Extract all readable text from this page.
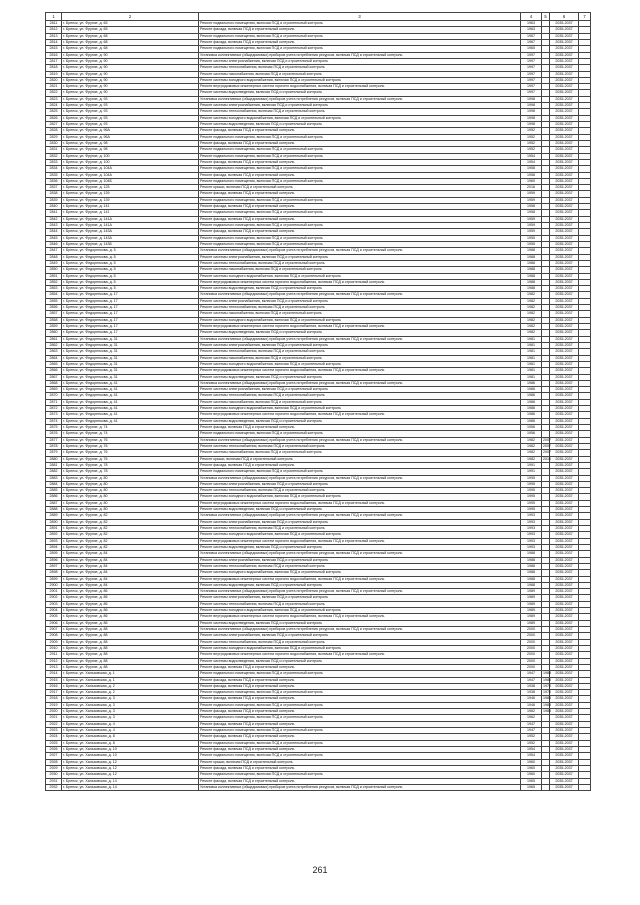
1	2	3	4	5	6	7
2811	г. Бренск, ул. Фрунзе, д. 65	Ремонт подвального помещения, включая ПСД и строительный контроль	1963		2035-2037	
2812	г. Бренск, ул. Фрунзе, д. 65	Ремонт фасада, включая ПСД и строительный контроль	1963		2035-2037	
2813	г. Бренск, ул. Фрунзе, д. 68	Ремонт подвального помещения, включая ПСД и строительный контроль	1967		2035-2037	
2814	г. Бренск, ул. Фрунзе, д. 68	Ремонт фасада, включая ПСД и строительный контроль	1967		2035-2037	
2815	г. Бренск, ул. Фрунзе, д. 68	Ремонт подвального помещения, включая ПСД и строительный контроль	1965		2035-2037	
2816	г. Бренск, ул. Фрунзе, д. 90	Установка коллективных (общедомовых) приборов учета потребления ресурсов, включая ПСД и строительный контроль	1997		2035-2037	
2817	г. Бренск, ул. Фрунзе, д. 90	Ремонт системы электроснабжения, включая ПСД и строительный контроль	1997		2035-2037	
2818	г. Бренск, ул. Фрунзе, д. 90	Ремонт системы теплоснабжения, включая ПСД и строительный контроль	1997		2035-2037	
2819	г. Бренск, ул. Фрунзе, д. 90	Ремонт системы газоснабжения, включая ПСД и строительный контроль	1997		2035-2037	
2820	г. Бренск, ул. Фрунзе, д. 90	Ремонт системы холодного водоснабжения, включая ПСД и строительный контроль	1997		2035-2037	
2821	г. Бренск, ул. Фрунзе, д. 90	Ремонт внутридомовых инженерных систем горячего водоснабжения, включая ПСД и строительный контроль	1997		2035-2037	
2822	г. Бренск, ул. Фрунзе, д. 90	Ремонт системы водоотведения, включая ПСД и строительный контроль	1997		2035-2037	
2823	г. Бренск, ул. Фрунзе, д. 93	Установка коллективных (общедомовых) приборов учета потребления ресурсов, включая ПСД и строительный контроль	1998		2035-2037	
2824	г. Бренск, ул. Фрунзе, д. 93	Ремонт системы электроснабжения, включая ПСД и строительный контроль	1998		2035-2037	
2825	г. Бренск, ул. Фрунзе, д. 93	Ремонт системы теплоснабжения, включая ПСД и строительный контроль	1998		2035-2037	
2826	г. Бренск, ул. Фрунзе, д. 93	Ремонт системы холодного водоснабжения, включая ПСД и строительный контроль	1998		2035-2037	
2827	г. Бренск, ул. Фрунзе, д. 93	Ремонт системы водоотведения, включая ПСД и строительный контроль	1998		2035-2037	
2828	г. Бренск, ул. Фрунзе, д. 96А	Ремонт фасада, включая ПСД и строительный контроль	1952		2035-2037	
2829	г. Бренск, ул. Фрунзе, д. 96А	Ремонт подвального помещения, включая ПСД и строительный контроль	1952		2035-2037	
2830	г. Бренск, ул. Фрунзе, д. 98	Ремонт фасада, включая ПСД и строительный контроль	1952		2035-2037	
2831	г. Бренск, ул. Фрунзе, д. 98	Ремонт подвального помещения, включая ПСД и строительный контроль	1952		2035-2037	
2832	г. Бренск, ул. Фрунзе, д. 100	Ремонт подвального помещения, включая ПСД и строительный контроль	1954		2035-2037	
2833	г. Бренск, ул. Фрунзе, д. 100	Ремонт фасада, включая ПСД и строительный контроль	1954		2035-2037	
2834	г. Бренск, ул. Фрунзе, д. 104А	Ремонт подвального помещения, включая ПСД и строительный контроль	1958		2035-2037	
2835	г. Бренск, ул. Фрунзе, д. 104А	Ремонт фасада, включая ПСД и строительный контроль	1958		2035-2037	
2836	г. Бренск, ул. Фрунзе, д. 104Б	Ремонт подвального помещения, включая ПСД и строительный контроль	1960		2035-2037	
2837	г. Бренск, ул. Фрунзе, д. 125	Ремонт крыши, включая ПСД и строительный контроль	2016		2035-2037	
2838	г. Бренск, ул. Фрунзе, д. 139	Ремонт фасада, включая ПСД и строительный контроль	1959		2035-2037	
2839	г. Бренск, ул. Фрунзе, д. 139	Ремонт подвального помещения, включая ПСД и строительный контроль	1959		2035-2037	
2840	г. Бренск, ул. Фрунзе, д. 141	Ремонт фасада, включая ПСД и строительный контроль	1958		2035-2037	
2841	г. Бренск, ул. Фрунзе, д. 141	Ремонт подвального помещения, включая ПСД и строительный контроль	1958		2035-2037	
2842	г. Бренск, ул. Фрунзе, д. 141А	Ремонт фасада, включая ПСД и строительный контроль	1959		2035-2037	
2843	г. Бренск, ул. Фрунзе, д. 141А	Ремонт подвального помещения, включая ПСД и строительный контроль	1959		2035-2037	
2844	г. Бренск, ул. Фрунзе, д. 143А	Ремонт фасада, включая ПСД и строительный контроль	1959		2035-2037	
2845	г. Бренск, ул. Фрунзе, д. 143А	Ремонт подвального помещения, включая ПСД и строительный контроль	1955		2035-2037	
2846	г. Бренск, ул. Фрунзе, д. 143Б	Ремонт подвального помещения, включая ПСД и строительный контроль	1955		2035-2037	
2847	г. Бренск, ул. Федоренкова, д. 5	Установка коллективных (общедомовых) приборов учета потребления ресурсов, включая ПСД и строительный контроль	1988		2035-2037	
2848	г. Бренск, ул. Федоренкова, д. 5	Ремонт системы электроснабжения, включая ПСД и строительный контроль	1988		2035-2037	
2849	г. Бренск, ул. Федоренкова, д. 5	Ремонт системы теплоснабжения, включая ПСД и строительный контроль	1988		2035-2037	
2850	г. Бренск, ул. Федоренкова, д. 5	Ремонт системы газоснабжения, включая ПСД и строительный контроль	1988		2035-2037	
2851	г. Бренск, ул. Федоренкова, д. 5	Ремонт системы холодного водоснабжения, включая ПСД и строительный контроль	1988		2035-2037	
2852	г. Бренск, ул. Федоренкова, д. 5	Ремонт внутридомовых инженерных систем горячего водоснабжения, включая ПСД и строительный контроль	1988		2035-2037	
2853	г. Бренск, ул. Федоренкова, д. 5	Ремонт системы водоотведения, включая ПСД и строительный контроль	1988		2035-2037	
2854	г. Бренск, ул. Федоренкова, д. 17	Установка коллективных (общедомовых) приборов учета потребления ресурсов, включая ПСД и строительный контроль	1982		2035-2037	
2855	г. Бренск, ул. Федоренкова, д. 17	Ремонт системы электроснабжения, включая ПСД и строительный контроль	1982		2035-2037	
2856	г. Бренск, ул. Федоренкова, д. 17	Ремонт системы теплоснабжения, включая ПСД и строительный контроль	1982		2035-2037	
2857	г. Бренск, ул. Федоренкова, д. 17	Ремонт системы газоснабжения, включая ПСД и строительный контроль	1982		2035-2037	
2858	г. Бренск, ул. Федоренкова, д. 17	Ремонт системы холодного водоснабжения, включая ПСД и строительный контроль	1982		2035-2037	
2859	г. Бренск, ул. Федоренкова, д. 17	Ремонт внутридомовых инженерных систем горячего водоснабжения, включая ПСД и строительный контроль	1982		2035-2037	
2860	г. Бренск, ул. Федоренкова, д. 17	Ремонт системы водоотведения, включая ПСД и строительный контроль	1982		2035-2037	
2861	г. Бренск, ул. Федоренкова, д. 31	Установка коллективных (общедомовых) приборов учета потребления ресурсов, включая ПСД и строительный контроль	1981		2035-2037	
2862	г. Бренск, ул. Федоренкова, д. 31	Ремонт системы электроснабжения, включая ПСД и строительный контроль	1981		2035-2037	
2863	г. Бренск, ул. Федоренкова, д. 31	Ремонт системы теплоснабжения, включая ПСД и строительный контроль	1981		2035-2037	
2864	г. Бренск, ул. Федоренкова, д. 31	Ремонт системы газоснабжения, включая ПСД и строительный контроль	1981		2035-2037	
2865	г. Бренск, ул. Федоренкова, д. 31	Ремонт системы холодного водоснабжения, включая ПСД и строительный контроль	1981		2035-2037	
2866	г. Бренск, ул. Федоренкова, д. 31	Ремонт внутридомовых инженерных систем горячего водоснабжения, включая ПСД и строительный контроль	1981		2035-2037	
2867	г. Бренск, ул. Федоренкова, д. 31	Ремонт системы водоотведения, включая ПСД и строительный контроль	1981		2035-2037	
2868	г. Бренск, ул. Федоренкова, д. 41	Установка коллективных (общедомовых) приборов учета потребления ресурсов, включая ПСД и строительный контроль	1986		2035-2037	
2869	г. Бренск, ул. Федоренкова, д. 41	Ремонт системы электроснабжения, включая ПСД и строительный контроль	1986		2035-2037	
2870	г. Бренск, ул. Федоренкова, д. 41	Ремонт системы теплоснабжения, включая ПСД и строительный контроль	1986		2035-2037	
2871	г. Бренск, ул. Федоренкова, д. 41	Ремонт системы газоснабжения, включая ПСД и строительный контроль	1986		2035-2037	
2872	г. Бренск, ул. Федоренкова, д. 41	Ремонт системы холодного водоснабжения, включая ПСД и строительный контроль	1986		2035-2037	
2873	г. Бренск, ул. Федоренкова, д. 41	Ремонт внутридомовых инженерных систем горячего водоснабжения, включая ПСД и строительный контроль	1986		2035-2037	
2874	г. Бренск, ул. Федоренкова, д. 41	Ремонт системы водоотведения, включая ПСД и строительный контроль	1986		2035-2037	
2875	г. Бренск, ул. Фрунзе, д. 74	Ремонт фасада, включая ПСД и строительный контроль	1956		2035-2037	
2876	г. Бренск, ул. Фрунзе, д. 74	Ремонт подвального помещения, включая ПСД и строительный контроль	1956		2035-2037	
2877	г. Бренск, ул. Фрунзе, д. 76	Установка коллективных (общедомовых) приборов учета потребления ресурсов, включая ПСД и строительный контроль	1982	2007	2035-2037	
2878	г. Бренск, ул. Фрунзе, д. 76	Ремонт системы теплоснабжения, включая ПСД и строительный контроль	1982	2007	2035-2037	
2879	г. Бренск, ул. Фрунзе, д. 76	Ремонт системы газоснабжения, включая ПСД и строительный контроль	1982	2007	2035-2037	
2880	г. Бренск, ул. Фрунзе, д. 76	Ремонт крыши, включая ПСД и строительный контроль	1982	2010	2035-2037	
2881	г. Бренск, ул. Фрунзе, д. 78	Ремонт фасада, включая ПСД и строительный контроль	1991		2035-2037	
2882	г. Бренск, ул. Фрунзе, д. 78	Ремонт подвального помещения, включая ПСД и строительный контроль	1991		2035-2037	
2883	г. Бренск, ул. Фрунзе, д. 80	Установка коллективных (общедомовых) приборов учета потребления ресурсов, включая ПСД и строительный контроль	1995		2035-2037	
2884	г. Бренск, ул. Фрунзе, д. 80	Ремонт системы электроснабжения, включая ПСД и строительный контроль	1995		2035-2037	
2885	г. Бренск, ул. Фрунзе, д. 80	Ремонт системы теплоснабжения, включая ПСД и строительный контроль	1995		2035-2037	
2886	г. Бренск, ул. Фрунзе, д. 80	Ремонт системы холодного водоснабжения, включая ПСД и строительный контроль	1995		2035-2037	
2887	г. Бренск, ул. Фрунзе, д. 80	Ремонт внутридомовых инженерных систем горячего водоснабжения, включая ПСД и строительный контроль	1995		2035-2037	
2888	г. Бренск, ул. Фрунзе, д. 80	Ремонт системы водоотведения, включая ПСД и строительный контроль	1995		2035-2037	
2889	г. Бренск, ул. Фрунзе, д. 82	Установка коллективных (общедомовых) приборов учета потребления ресурсов, включая ПСД и строительный контроль	1993		2035-2037	
2890	г. Бренск, ул. Фрунзе, д. 82	Ремонт системы электроснабжения, включая ПСД и строительный контроль	1993		2035-2037	
2891	г. Бренск, ул. Фрунзе, д. 82	Ремонт системы теплоснабжения, включая ПСД и строительный контроль	1993		2035-2037	
2892	г. Бренск, ул. Фрунзе, д. 82	Ремонт системы холодного водоснабжения, включая ПСД и строительный контроль	1993		2035-2037	
2893	г. Бренск, ул. Фрунзе, д. 82	Ремонт внутридомовых инженерных систем горячего водоснабжения, включая ПСД и строительный контроль	1993		2035-2037	
2894	г. Бренск, ул. Фрунзе, д. 82	Ремонт системы водоотведения, включая ПСД и строительный контроль	1993		2035-2037	
2895	г. Бренск, ул. Фрунзе, д. 84	Установка коллективных (общедомовых) приборов учета потребления ресурсов, включая ПСД и строительный контроль	1988		2035-2037	
2896	г. Бренск, ул. Фрунзе, д. 84	Ремонт системы электроснабжения, включая ПСД и строительный контроль	1988		2035-2037	
2897	г. Бренск, ул. Фрунзе, д. 84	Ремонт системы теплоснабжения, включая ПСД и строительный контроль	1988		2035-2037	
2898	г. Бренск, ул. Фрунзе, д. 84	Ремонт системы холодного водоснабжения, включая ПСД и строительный контроль	1988		2035-2037	
2899	г. Бренск, ул. Фрунзе, д. 84	Ремонт внутридомовых инженерных систем горячего водоснабжения, включая ПСД и строительный контроль	1988		2035-2037	
2900	г. Бренск, ул. Фрунзе, д. 84	Ремонт системы водоотведения, включая ПСД и строительный контроль	1988		2035-2037	
2901	г. Бренск, ул. Фрунзе, д. 86	Установка коллективных (общедомовых) приборов учета потребления ресурсов, включая ПСД и строительный контроль	1989		2035-2037	
2902	г. Бренск, ул. Фрунзе, д. 86	Ремонт системы электроснабжения, включая ПСД и строительный контроль	1989		2035-2037	
2903	г. Бренск, ул. Фрунзе, д. 86	Ремонт системы теплоснабжения, включая ПСД и строительный контроль	1989		2035-2037	
2904	г. Бренск, ул. Фрунзе, д. 86	Ремонт системы холодного водоснабжения, включая ПСД и строительный контроль	1989		2035-2037	
2905	г. Бренск, ул. Фрунзе, д. 86	Ремонт внутридомовых инженерных систем горячего водоснабжения, включая ПСД и строительный контроль	1989		2035-2037	
2906	г. Бренск, ул. Фрунзе, д. 86	Ремонт системы водоотведения, включая ПСД и строительный контроль	1989		2035-2037	
2907	г. Бренск, ул. Фрунзе, д. 88	Установка коллективных (общедомовых) приборов учета потребления ресурсов, включая ПСД и строительный контроль	2000		2035-2037	
2908	г. Бренск, ул. Фрунзе, д. 88	Ремонт системы электроснабжения, включая ПСД и строительный контроль	2000		2035-2037	
2909	г. Бренск, ул. Фрунзе, д. 88	Ремонт системы теплоснабжения, включая ПСД и строительный контроль	2000		2035-2037	
2910	г. Бренск, ул. Фрунзе, д. 88	Ремонт системы холодного водоснабжения, включая ПСД и строительный контроль	2000		2035-2037	
2911	г. Бренск, ул. Фрунзе, д. 88	Ремонт внутридомовых инженерных систем горячего водоснабжения, включая ПСД и строительный контроль	2000		2035-2037	
2912	г. Бренск, ул. Фрунзе, д. 88	Ремонт системы водоотведения, включая ПСД и строительный контроль	2000		2035-2037	
2913	г. Бренск, ул. Фрунзе, д. 88	Ремонт фасада, включая ПСД и строительный контроль	2000		2035-2037	
2914	г. Бренск, ул. Хальзовская, д. 1	Ремонт подвального помещения, включая ПСД и строительный контроль	1947	1988	2035-2037	
2915	г. Бренск, ул. Хальзовская, д. 1	Ремонт фасада, включая ПСД и строительный контроль	1947	1988	2035-2037	
2916	г. Бренск, ул. Хальзовская, д. 2	Ремонт фасада, включая ПСД и строительный контроль	1938	1970	2035-2037	
2917	г. Бренск, ул. Хальзовская, д. 2	Ремонт подвального помещения, включая ПСД и строительный контроль	1938	1970	2035-2037	
2918	г. Бренск, ул. Хальзовская, д. 3	Ремонт фасада, включая ПСД и строительный контроль	1946	1983	2035-2037	
2919	г. Бренск, ул. Хальзовская, д. 3	Ремонт подвального помещения, включая ПСД и строительный контроль	1946	1983	2035-2037	
2920	г. Бренск, ул. Хальзовская, д. 3	Ремонт фасада, включая ПСД и строительный контроль	1962	1983	2035-2037	
2921	г. Бренск, ул. Хальзовская, д. 3	Ремонт подвального помещения, включая ПСД и строительный контроль	1962		2035-2037	
2922	г. Бренск, ул. Хальзовская, д. 4	Ремонт фасада, включая ПСД и строительный контроль	1947		2035-2037	
2923	г. Бренск, ул. Хальзовская, д. 4	Ремонт подвального помещения, включая ПСД и строительный контроль	1947		2035-2037	
2924	г. Бренск, ул. Хальзовская, д. 8	Ремонт фасада, включая ПСД и строительный контроль	1952		2035-2037	
2925	г. Бренск, ул. Хальзовская, д. 8	Ремонт подвального помещения, включая ПСД и строительный контроль	1952		2035-2037	
2926	г. Бренск, ул. Хальзовская, д. 10	Ремонт фасада, включая ПСД и строительный контроль	1954		2035-2037	
2927	г. Бренск, ул. Хальзовская, д. 10	Ремонт подвального помещения, включая ПСД и строительный контроль	1954		2035-2037	
2928	г. Бренск, ул. Хальзовская, д. 12	Ремонт крыши, включая ПСД и строительный контроль	1960		2035-2037	
2929	г. Бренск, ул. Хальзовская, д. 12	Ремонт фасада, включая ПСД и строительный контроль	1960		2035-2037	
2930	г. Бренск, ул. Хальзовская, д. 12	Ремонт подвального помещения, включая ПСД и строительный контроль	1960		2035-2037	
2931	г. Бренск, ул. Хальзовская, д. 14	Ремонт фасада, включая ПСД и строительный контроль	1965		2035-2037	
2932	г. Бренск, ул. Хальзовская, д. 14	Установка коллективных (общедомовых) приборов учета потребления ресурсов, включая ПСД и строительный контроль	1965		2035-2037	
261
